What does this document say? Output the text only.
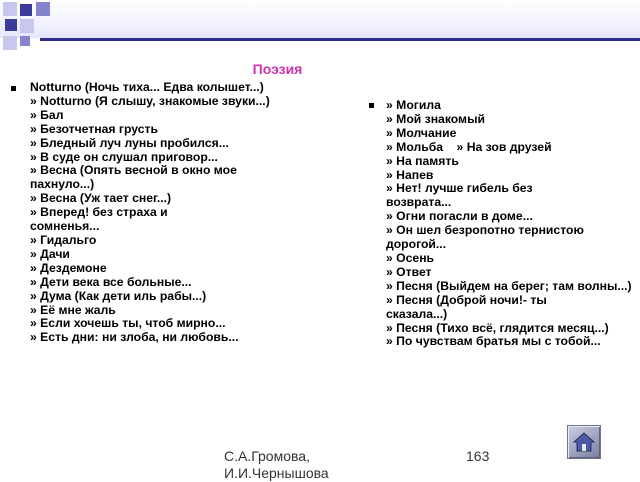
Поэзия
Notturno (Ночь тиха... Едва колышет...)
» Notturno (Я слышу, знакомые звуки...)
» Бал
» Безотчетная грусть
» Бледный луч луны пробился...
» В суде он слушал приговор...
» Весна (Опять весной в окно мое пахнуло...)
» Весна (Уж тает снег...)
» Вперед! без страха и сомненья...
» Гидальго
» Дачи
» Дездемоне
» Дети века все больные...
» Дума (Как дети иль рабы...)
» Её мне жаль
» Если хочешь ты, чтоб мирно...
» Есть дни: ни злоба, ни любовь...
» Могила
» Мой знакомый
» Молчание
» Мольба » На зов друзей
» На память
» Напев
» Нет! лучше гибель без возврата...
» Огни погасли в доме...
» Он шел безропотно тернистою дорогой...
» Осень
» Ответ
» Песня (Выйдем на берег; там волны...)
» Песня (Доброй ночи!- ты сказала...)
» Песня (Тихо всё, глядится месяц...)
» По чувствам братья мы с тобой...
С.А.Громова, И.И.Чернышова
163
